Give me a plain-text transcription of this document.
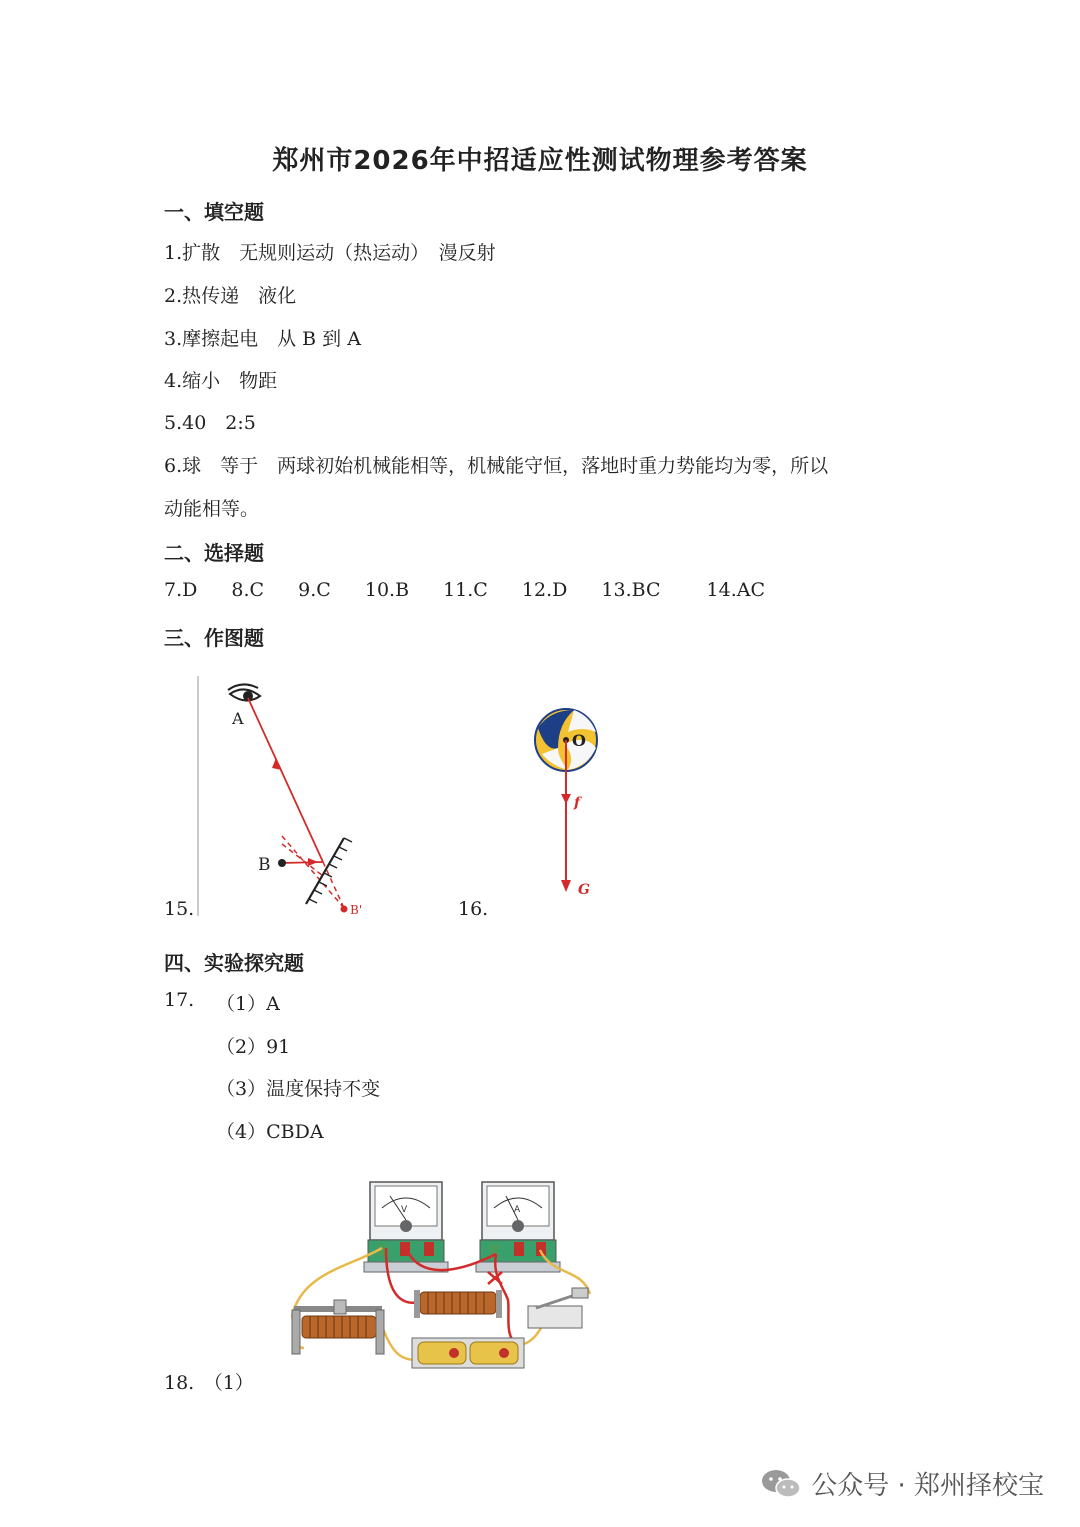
郑州市2026年中招适应性测试物理参考答案
一、填空题
1.扩散　无规则运动（热运动）　漫反射
2.热传递　液化
3.摩擦起电　从 B 到 A
4.缩小　物距
5.40　2:5
6.球　等于　两球初始机械能相等，机械能守恒，落地时重力势能均为零，所以
动能相等。
二、选择题
7.D 8.C 9.C 10.B 11.C 12.D 13.BC 14.AC
三、作图题
15.	16.
A
B
B'
O
f
G
四、实验探究题
17. （1）A
（2）91
（3）温度保持不变
（4）CBDA
V	A
18.　（1）
公众号 · 郑州择校宝
